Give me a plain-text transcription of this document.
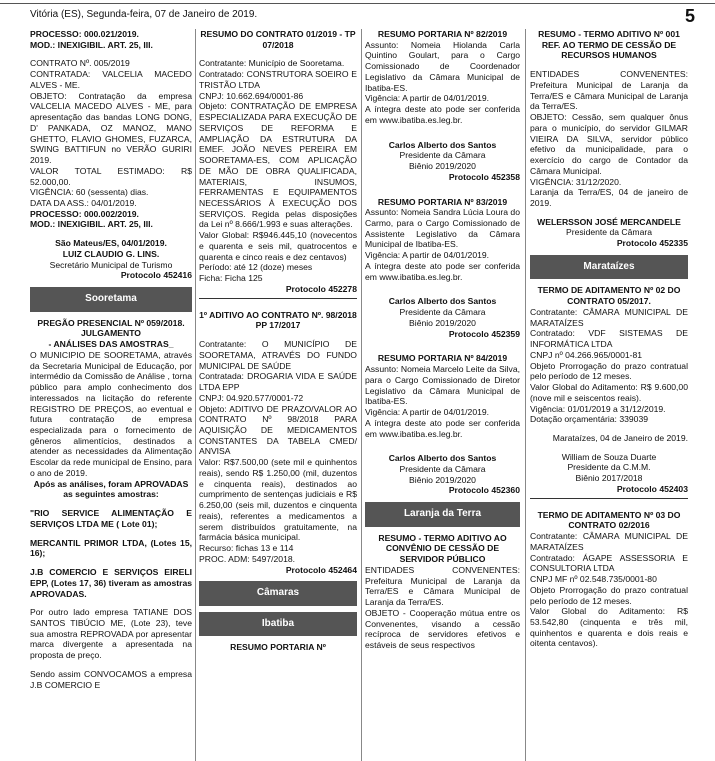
Vitória (ES), Segunda-feira, 07 de Janeiro de 2019.	5

PROCESSO: 000.021/2019.

MOD.: INEXIGIBIL. ART. 25, III.

CONTRATO Nº. 005/2019

CONTRATADA: VALCELIA MACEDO ALVES - ME.

OBJETO: Contratação da empresa VALCELIA MACEDO ALVES - ME, para apresentação das bandas LONG DONG, D' PANKADA, OZ MANOZ, MANO GHETTO, FLAVIO GHOMES, FUZARCA, SWING BATTIFUN no VERÃO GURIRI 2019.

VALOR TOTAL ESTIMADO: R$ 52.000,00.

VIGÊNCIA: 60 (sessenta) dias.

DATA DA ASS.: 04/01/2019.

PROCESSO: 000.002/2019.

MOD.: INEXIGIBIL. ART. 25, III.

São Mateus/ES, 04/01/2019.

LUIZ CLAUDIO G. LINS.

Secretário Municipal de Turismo

Protocolo 452416

Sooretama

PREGÃO PRESENCIAL Nº 059/2018.

JULGAMENTO

- ANÁLISES DAS AMOSTRAS_

O MUNICIPIO DE SOORETAMA, através da Secretaria Municipal de Educação, por intermédio da Comissão de Análise , torna público para amplo conhecimento dos interessados na licitação do referente REGISTRO DE PREÇOS, ao eventual e futura contratação de empresa especializada para o fornecimento de gêneros alimentícios, destinados a atender as necessidades da Alimentação Escolar da rede municipal de Ensino, para o ano de 2019.

Após as análises, foram APROVADAS as seguintes amostras:

"RIO SERVICE ALIMENTAÇÃO E SERVIÇOS LTDA ME ( Lote 01);

MERCANTIL PRIMOR LTDA, (Lotes 15, 16);

J.B COMERCIO E SERVIÇOS EIRELI EPP, (Lotes 17, 36) tiveram as amostras APROVADAS.

Por outro lado empresa TATIANE DOS SANTOS TIBÚCIO ME, (Lote 23), teve sua amostra REPROVADA por apresentar marca divergente a apresentada na proposta de preço.

Sendo assim CONVOCAMOS a empresa J.B COMERCIO E

RESUMO DO CONTRATO 01/2019 - TP 07/2018

Contratante: Município de Sooretama.

Contratado: CONSTRUTORA SOEIRO E TRISTÃO LTDA

CNPJ: 10.662.694/0001-86

Objeto: CONTRATAÇÃO DE EMPRESA ESPECIALIZADA PARA EXECUÇÃO DE SERVIÇOS DE REFORMA E AMPLIAÇÃO DA ESTRUTURA DA EMEF. JOÃO NEVES PEREIRA EM SOORETAMA-ES, COM APLICAÇÃO DE MÃO DE OBRA QUALIFICADA, MATERIAIS, INSUMOS, FERRAMENTAS E EQUIPAMENTOS NECESSÁRIOS À EXECUÇÃO DOS SERVIÇOS. Regida pelas disposições da Lei nº 8.666/1.993 e suas alterações.

Valor Global: R$946.445,10 (novecentos e quarenta e seis mil, quatrocentos e quarenta e cinco reais e dez centavos)

Período: até 12 (doze) meses

Ficha: Ficha 125

Protocolo 452278

1º ADITIVO AO CONTRATO Nº. 98/2018

PP 17/2017

Contratante: O MUNICÍPIO DE SOORETAMA, ATRAVÉS DO FUNDO MUNICIPAL DE SAÚDE

Contratada: DROGARIA VIDA E SAÚDE LTDA EPP

CNPJ: 04.920.577/0001-72

Objeto: ADITIVO DE PRAZO/VALOR AO CONTRATO Nº 98/2018 PARA AQUISIÇÃO DE MEDICAMENTOS CONSTANTES DA TABELA CMED/ ANVISA

Valor: R$7.500,00 (sete mil e quinhentos reais), sendo R$ 1.250,00 (mil, duzentos e cinquenta reais), destinados ao cumprimento de sentenças judiciais e R$ 6.250,00 (seis mil, duzentos e cinquenta reais), referentes a medicamentos a serem distribuídos gratuitamente, na farmácia básica municipal.

Recurso: fichas 13 e 114

PROC. ADM: 5497/2018.

Protocolo 452464

Câmaras
Ibatiba

RESUMO PORTARIA Nº

RESUMO PORTARIA Nº 82/2019

Assunto: Nomeia Hiolanda Carla Quintino Goulart, para o Cargo Comissionado de Coordenador Legislativo da Câmara Municipal de Ibatiba-ES.

Vigência: A partir de 04/01/2019.

A íntegra deste ato pode ser conferida em www.ibatiba.es.leg.br.

Carlos Alberto dos Santos

Presidente da Câmara

Biênio 2019/2020

Protocolo 452358

RESUMO PORTARIA Nº 83/2019

Assunto: Nomeia Sandra Lúcia Loura do Carmo, para o Cargo Comissionado de Assistente Legislativo da Câmara Municipal de Ibatiba-ES.

Vigência: A partir de 04/01/2019.

A íntegra deste ato pode ser conferida em www.ibatiba.es.leg.br.

Carlos Alberto dos Santos

Presidente da Câmara

Biênio 2019/2020

Protocolo 452359

RESUMO PORTARIA Nº 84/2019

Assunto: Nomeia Marcelo Leite da Silva, para o Cargo Comissionado de Diretor Legislativo da Câmara Municipal de Ibatiba-ES.

Vigência: A partir de 04/01/2019.

A íntegra deste ato pode ser conferida em www.ibatiba.es.leg.br.

Carlos Alberto dos Santos

Presidente da Câmara

Biênio 2019/2020

Protocolo 452360

Laranja da Terra

RESUMO - TERMO ADITIVO AO CONVÊNIO DE CESSÃO DE SERVIDOR PÚBLICO

ENTIDADES CONVENENTES: Prefeitura Municipal de Laranja da Terra/ES e Câmara Municipal de Laranja da Terra/ES.

OBJETO - Cooperação mútua entre os Convenentes, visando a cessão recíproca de servidores efetivos e estáveis de seus respectivos

RESUMO - TERMO ADITIVO Nº 001 REF. AO TERMO DE CESSÃO DE RECURSOS HUMANOS

ENTIDADES CONVENENTES: Prefeitura Municipal de Laranja da Terra/ES e Câmara Municipal de Laranja da Terra/ES.

OBJETO: Cessão, sem qualquer ônus para o município, do servidor GILMAR VIEIRA DA SILVA, servidor público efetivo da municipalidade, para o exercício do cargo de Contador da Câmara Municipal.

VIGÊNCIA: 31/12/2020.

Laranja da Terra/ES, 04 de janeiro de 2019.

WELERSSON JOSÉ MERCANDELE

Presidente da Câmara

Protocolo 452335

Marataízes

TERMO DE ADITAMENTO Nº 02 DO CONTRATO 05/2017.

Contratante: CÂMARA MUNICIPAL DE MARATAÍZES

Contratado: VDF SISTEMAS DE INFORMÁTICA LTDA

CNPJ nº 04.266.965/0001-81

Objeto Prorrogação do prazo contratual pelo período de 12 meses.

Valor Global do Aditamento: R$ 9.600,00 (nove mil e seiscentos reais).

Vigência: 01/01/2019 a 31/12/2019.

Dotação orçamentária: 339039

Marataízes, 04 de Janeiro de 2019.

William de Souza Duarte

Presidente da C.M.M.

Biênio 2017/2018

Protocolo 452403

TERMO DE ADITAMENTO Nº 03 DO CONTRATO 02/2016

Contratante: CÂMARA MUNICIPAL DE MARATAÍZES

Contratado: ÁGAPE ASSESSORIA E CONSULTORIA LTDA

CNPJ MF nº 02.548.735/0001-80

Objeto Prorrogação do prazo contratual pelo período de 12 meses.

Valor Global do Aditamento: R$ 53.542,80 (cinquenta e três mil, quinhentos e quarenta e dois reais e oitenta centavos).
